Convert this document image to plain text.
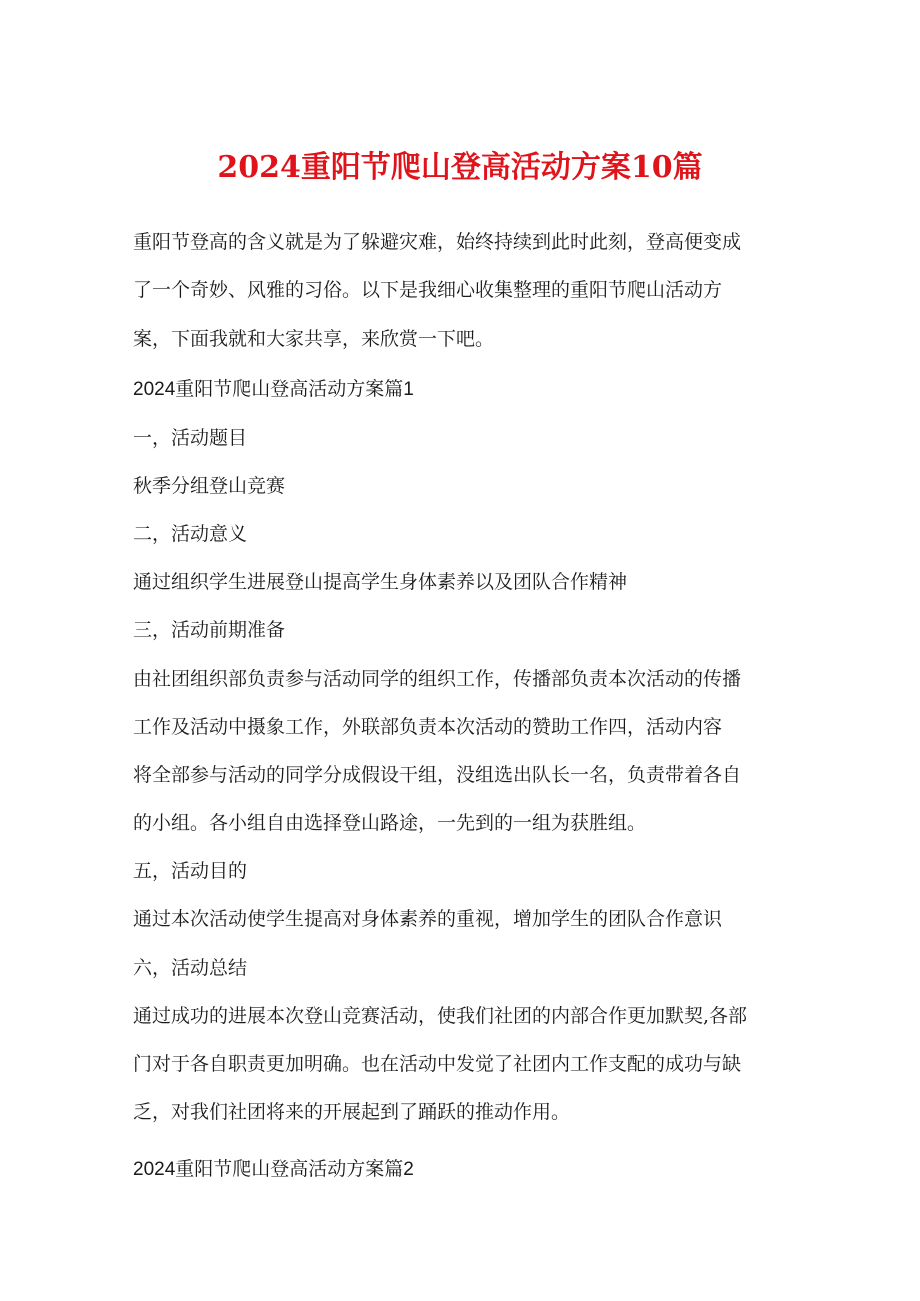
2024重阳节爬山登高活动方案10篇
重阳节登高的含义就是为了躲避灾难，始终持续到此时此刻，登高便变成
了一个奇妙、风雅的习俗。以下是我细心收集整理的重阳节爬山活动方
案，下面我就和大家共享，来欣赏一下吧。
2024重阳节爬山登高活动方案篇1
一，活动题目
秋季分组登山竞赛
二，活动意义
通过组织学生进展登山提高学生身体素养以及团队合作精神
三，活动前期准备
由社团组织部负责参与活动同学的组织工作，传播部负责本次活动的传播
工作及活动中摄象工作，外联部负责本次活动的赞助工作四，活动内容
将全部参与活动的同学分成假设干组，没组选出队长一名，负责带着各自
的小组。各小组自由选择登山路途，一先到的一组为获胜组。
五，活动目的
通过本次活动使学生提高对身体素养的重视，增加学生的团队合作意识
六，活动总结
通过成功的进展本次登山竞赛活动，使我们社团的内部合作更加默契,各部
门对于各自职责更加明确。也在活动中发觉了社团内工作支配的成功与缺
乏，对我们社团将来的开展起到了踊跃的推动作用。
2024重阳节爬山登高活动方案篇2
